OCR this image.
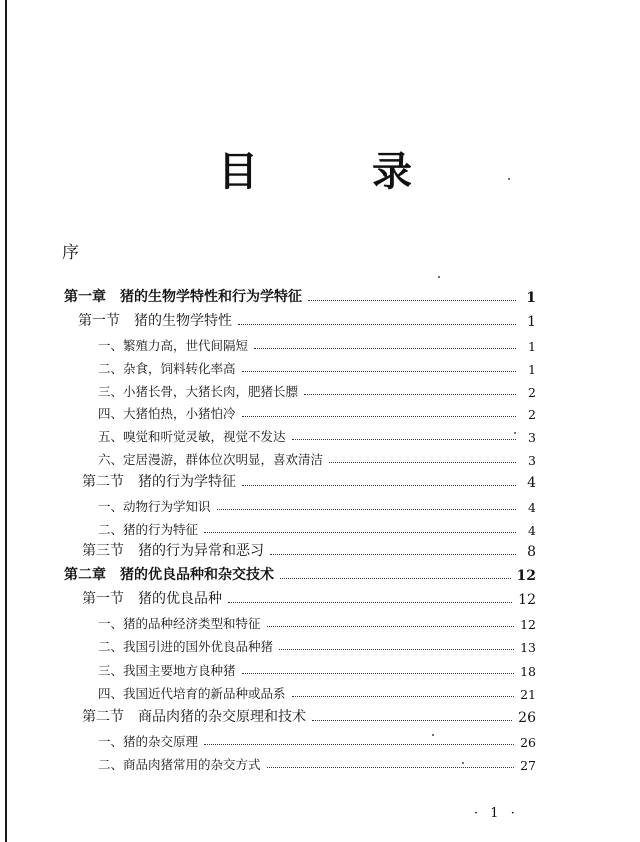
目 录
序
第一章　猪的生物学特性和行为学特征	1
第一节　猪的生物学特性	1
一、繁殖力高，世代间隔短	1
二、杂食，饲料转化率高	1
三、小猪长骨，大猪长肉，肥猪长膘	2
四、大猪怕热，小猪怕冷	2
五、嗅觉和听觉灵敏，视觉不发达	3
六、定居漫游，群体位次明显，喜欢清洁	3
第二节　猪的行为学特征	4
一、动物行为学知识	4
二、猪的行为特征	4
第三节　猪的行为异常和恶习	8
第二章　猪的优良品种和杂交技术	12
第一节　猪的优良品种	12
一、猪的品种经济类型和特征	12
二、我国引进的国外优良品种猪	13
三、我国主要地方良种猪	18
四、我国近代培育的新品种或品系	21
第二节　商品肉猪的杂交原理和技术	26
一、猪的杂交原理	26
二、商品肉猪常用的杂交方式	27
· 1 ·
